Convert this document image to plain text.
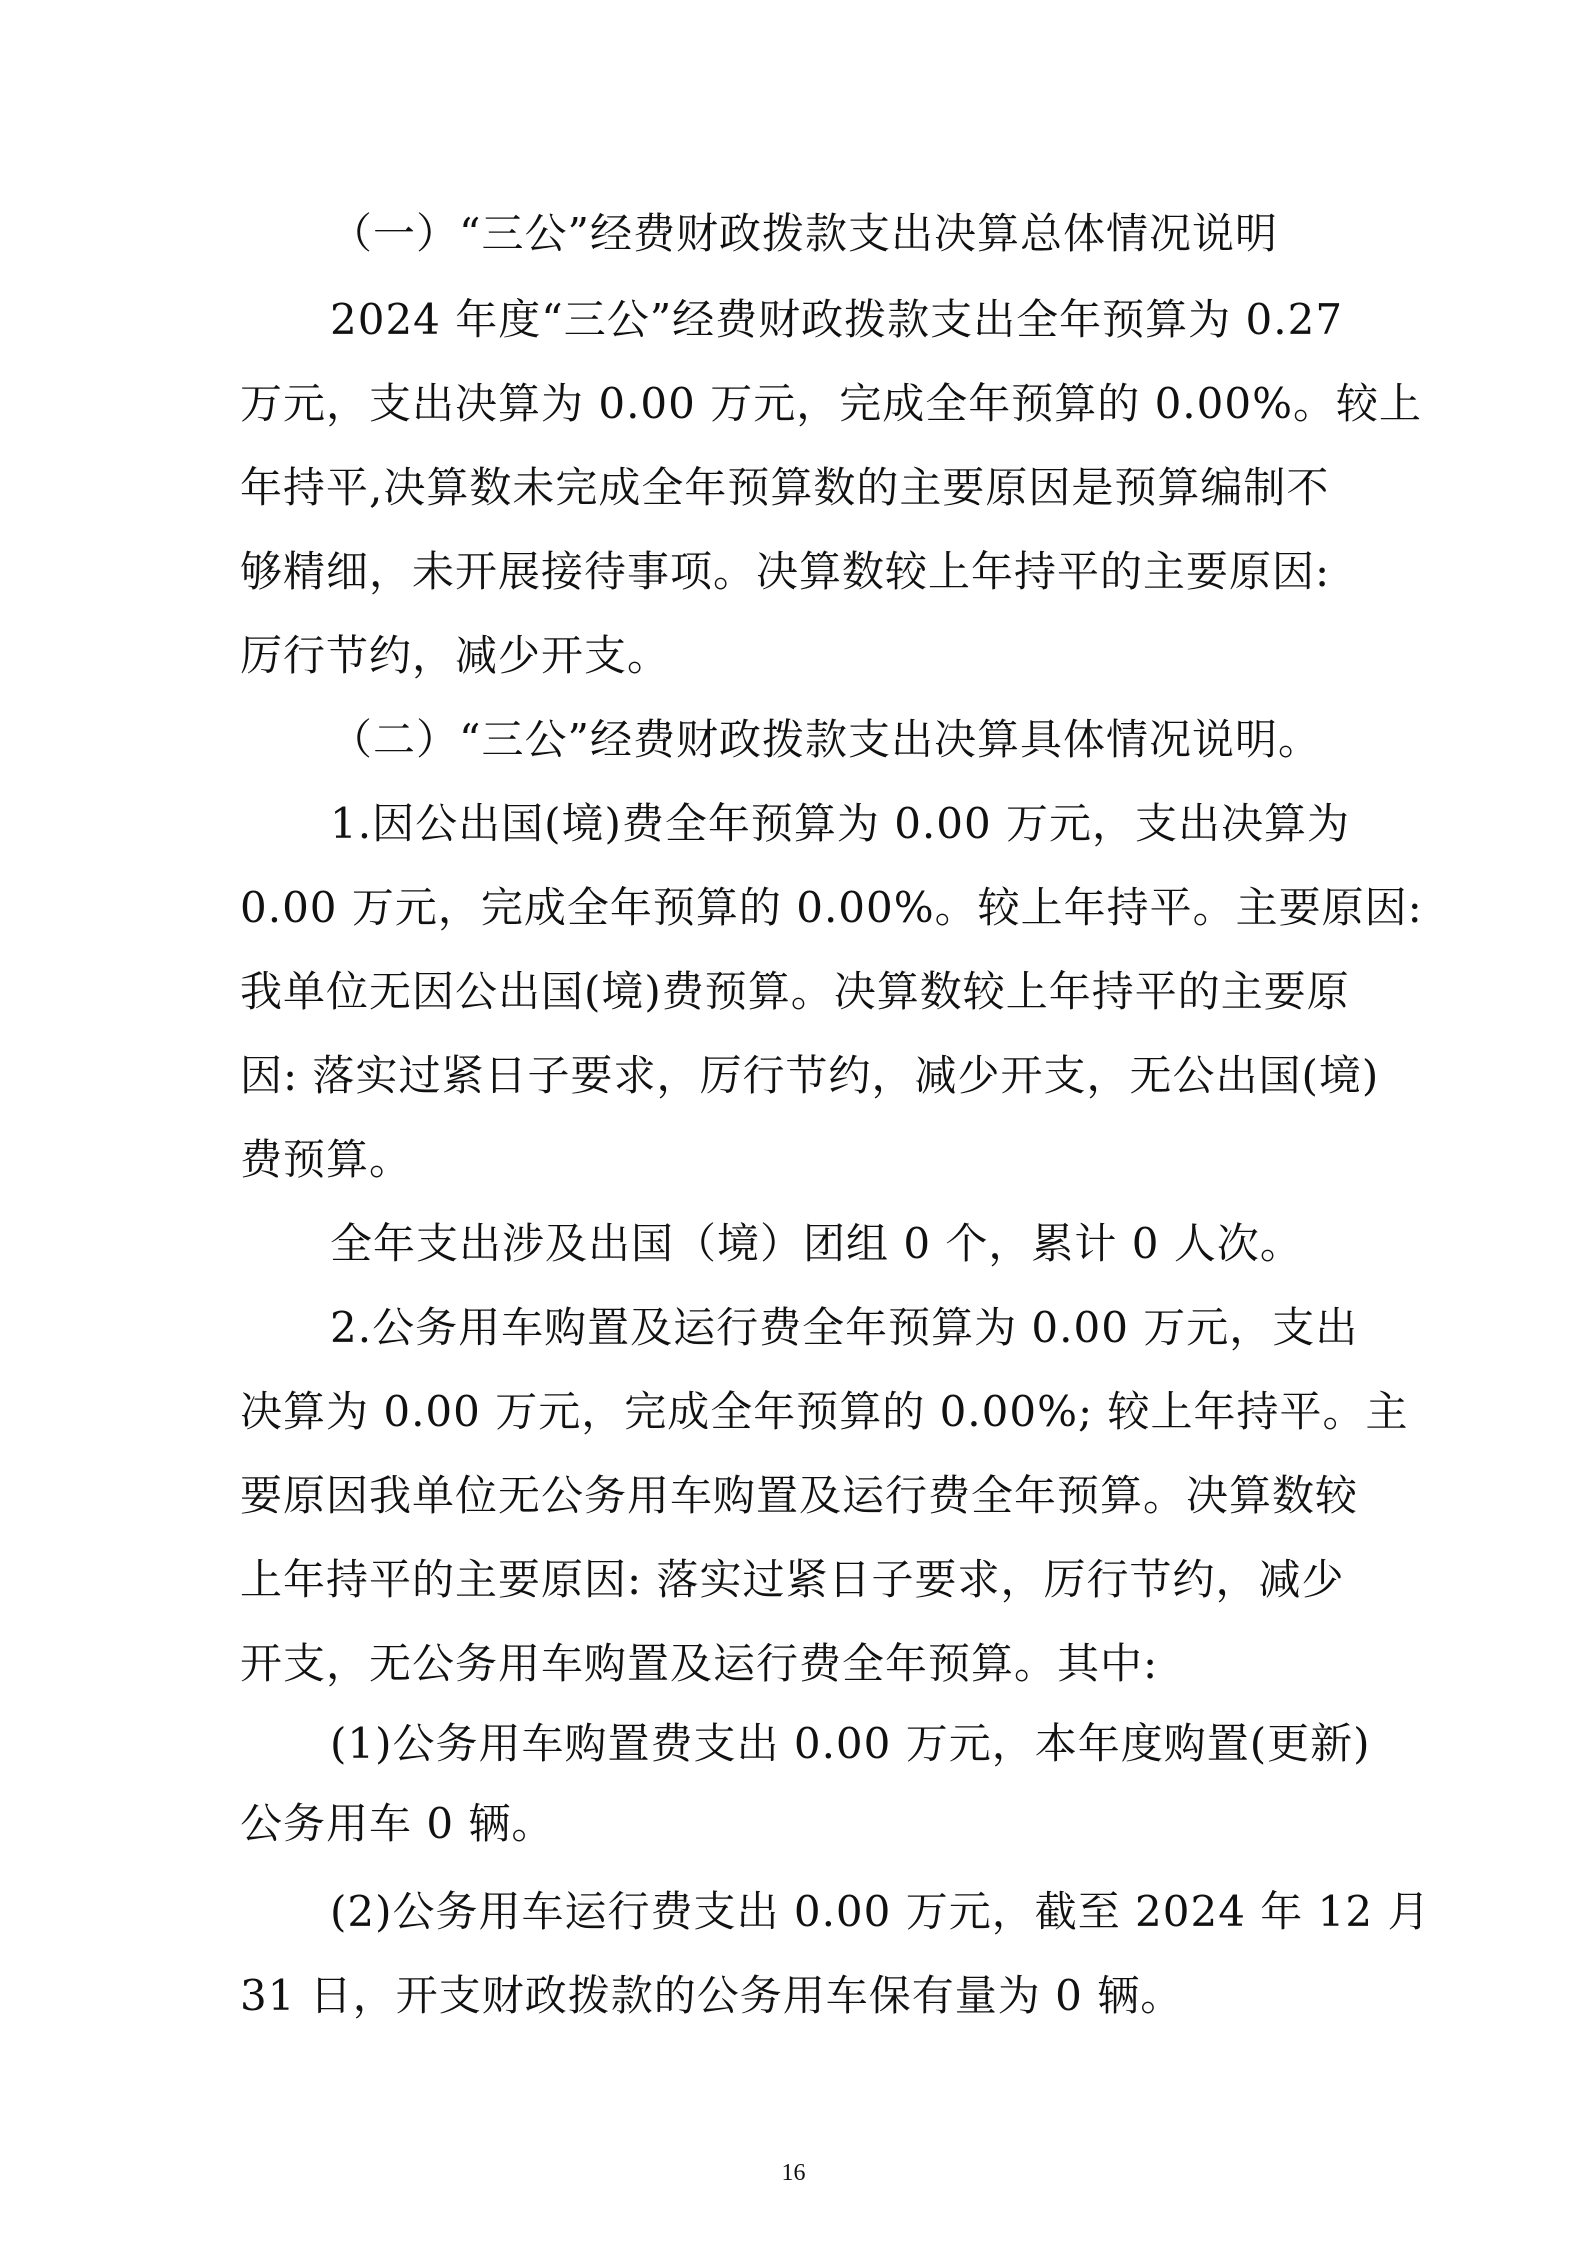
（一）“三公”经费财政拨款支出决算总体情况说明
2024 年度“三公”经费财政拨款支出全年预算为 0.27
万元，支出决算为 0.00 万元，完成全年预算的 0.00%。较上
年持平,决算数未完成全年预算数的主要原因是预算编制不
够精细，未开展接待事项。决算数较上年持平的主要原因:
厉行节约，减少开支。
（二）“三公”经费财政拨款支出决算具体情况说明。
1.因公出国(境)费全年预算为 0.00 万元，支出决算为
0.00 万元，完成全年预算的 0.00%。较上年持平。主要原因:
我单位无因公出国(境)费预算。决算数较上年持平的主要原
因: 落实过紧日子要求，厉行节约，减少开支，无公出国(境)
费预算。
全年支出涉及出国（境）团组 0 个，累计 0 人次。
2.公务用车购置及运行费全年预算为 0.00 万元，支出
决算为 0.00 万元，完成全年预算的 0.00%; 较上年持平。主
要原因我单位无公务用车购置及运行费全年预算。决算数较
上年持平的主要原因: 落实过紧日子要求，厉行节约，减少
开支，无公务用车购置及运行费全年预算。其中:
(1)公务用车购置费支出 0.00 万元，本年度购置(更新)
公务用车 0 辆。
(2)公务用车运行费支出 0.00 万元，截至 2024 年 12 月
31 日，开支财政拨款的公务用车保有量为 0 辆。
16
